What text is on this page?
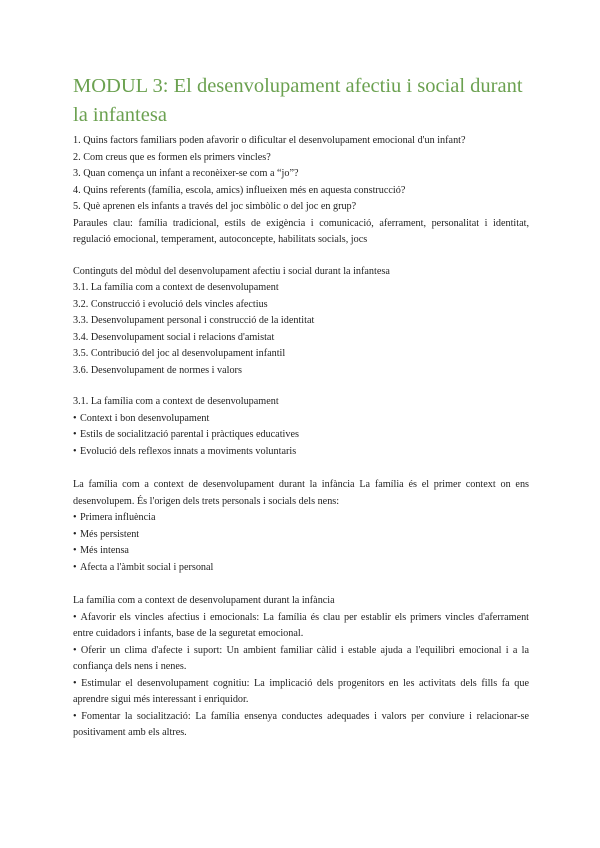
MODUL 3: El desenvolupament afectiu i social durant la infantesa
1. Quins factors familiars poden afavorir o dificultar el desenvolupament emocional d'un infant?
2. Com creus que es formen els primers vincles?
3. Quan comença un infant a reconèixer-se com a “jo”?
4. Quins referents (família, escola, amics) influeixen més en aquesta construcció?
5. Què aprenen els infants a través del joc simbòlic o del joc en grup?
Paraules clau: família tradicional, estils de exigència i comunicació, aferrament, personalitat i identitat, regulació emocional, temperament, autoconcepte, habilitats socials, jocs
Continguts del mòdul del desenvolupament afectiu i social durant la infantesa
3.1. La família com a context de desenvolupament
3.2. Construcció i evolució dels vincles afectius
3.3. Desenvolupament personal i construcció de la identitat
3.4. Desenvolupament social i relacions d'amistat
3.5. Contribució del joc al desenvolupament infantil
3.6. Desenvolupament de normes i valors
3.1. La família com a context de desenvolupament
• Context i bon desenvolupament
• Estils de socialització parental i pràctiques educatives
• Evolució dels reflexos innats a moviments voluntaris
La família com a context de desenvolupament durant la infància La família és el primer context on ens desenvolupem. És l'origen dels trets personals i socials dels nens:
• Primera influència
• Més persistent
• Més intensa
• Afecta a l'àmbit social i personal
La família com a context de desenvolupament durant la infància
• Afavorir els vincles afectius i emocionals: La família és clau per establir els primers vincles d'aferrament entre cuidadors i infants, base de la seguretat emocional.
• Oferir un clima d'afecte i suport: Un ambient familiar càlid i estable ajuda a l'equilibri emocional i a la confiança dels nens i nenes.
• Estimular el desenvolupament cognitiu: La implicació dels progenitors en les activitats dels fills fa que aprendre sigui més interessant i enriquidor.
• Fomentar la socialització: La família ensenya conductes adequades i valors per conviure i relacionar-se positivament amb els altres.
